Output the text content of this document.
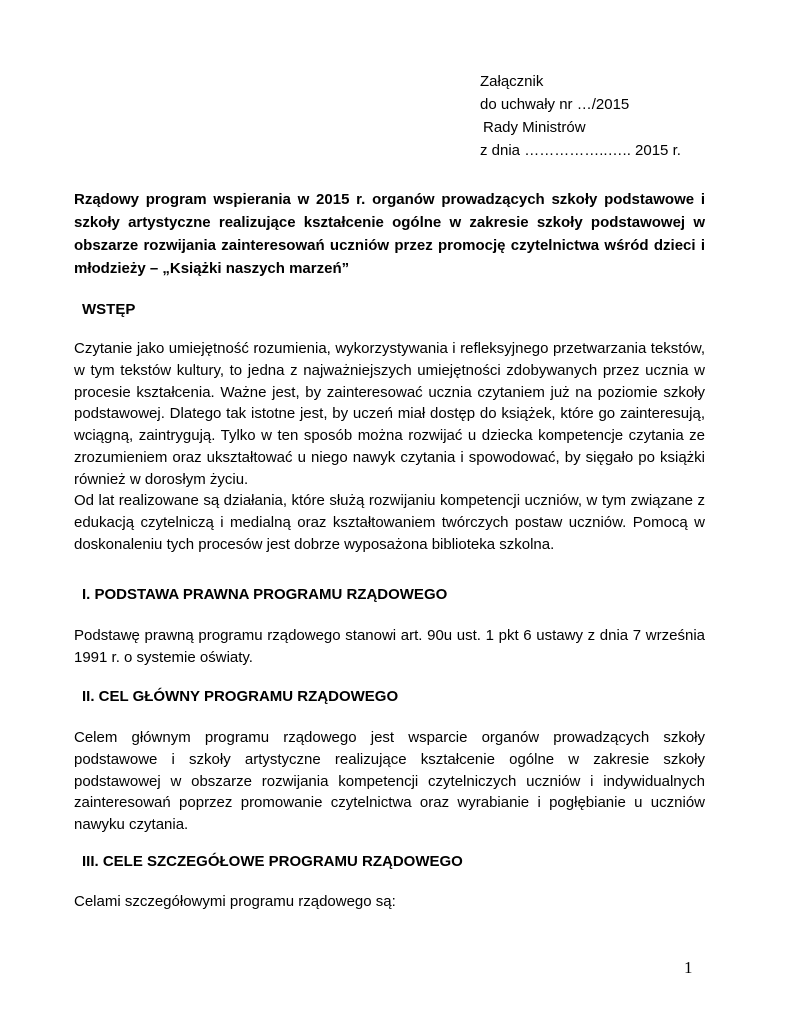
Załącznik
do uchwały nr …/2015
Rady Ministrów
z dnia ……………..….. 2015 r.
Rządowy program wspierania w 2015 r. organów prowadzących szkoły podstawowe i szkoły artystyczne realizujące kształcenie ogólne w zakresie szkoły podstawowej w obszarze rozwijania zainteresowań uczniów przez promocję czytelnictwa wśród dzieci i młodzieży – „Książki naszych marzeń”
WSTĘP
Czytanie jako umiejętność rozumienia, wykorzystywania i refleksyjnego przetwarzania tekstów, w tym tekstów kultury, to jedna z najważniejszych umiejętności zdobywanych przez ucznia w procesie kształcenia. Ważne jest, by zainteresować ucznia czytaniem już na poziomie szkoły podstawowej. Dlatego tak istotne jest, by uczeń miał dostęp do książek, które go zainteresują, wciągną, zaintrygują. Tylko w ten sposób można rozwijać u dziecka kompetencje czytania ze zrozumieniem oraz ukształtować u niego nawyk czytania i spowodować, by sięgało po książki również w dorosłym życiu.
Od lat realizowane są działania, które służą rozwijaniu kompetencji uczniów, w tym związane z edukacją czytelniczą i medialną oraz kształtowaniem twórczych postaw uczniów. Pomocą w doskonaleniu tych procesów jest dobrze wyposażona biblioteka szkolna.
I. PODSTAWA PRAWNA PROGRAMU RZĄDOWEGO
Podstawę prawną programu rządowego stanowi art. 90u ust. 1 pkt 6 ustawy z dnia 7 września 1991 r. o systemie oświaty.
II. CEL GŁÓWNY PROGRAMU RZĄDOWEGO
Celem głównym programu rządowego jest wsparcie organów prowadzących szkoły podstawowe i szkoły artystyczne realizujące kształcenie ogólne w zakresie szkoły podstawowej w obszarze rozwijania kompetencji czytelniczych uczniów i indywidualnych zainteresowań poprzez promowanie czytelnictwa oraz wyrabianie i pogłębianie u uczniów nawyku czytania.
III. CELE SZCZEGÓŁOWE PROGRAMU RZĄDOWEGO
Celami szczegółowymi programu rządowego są:
1
